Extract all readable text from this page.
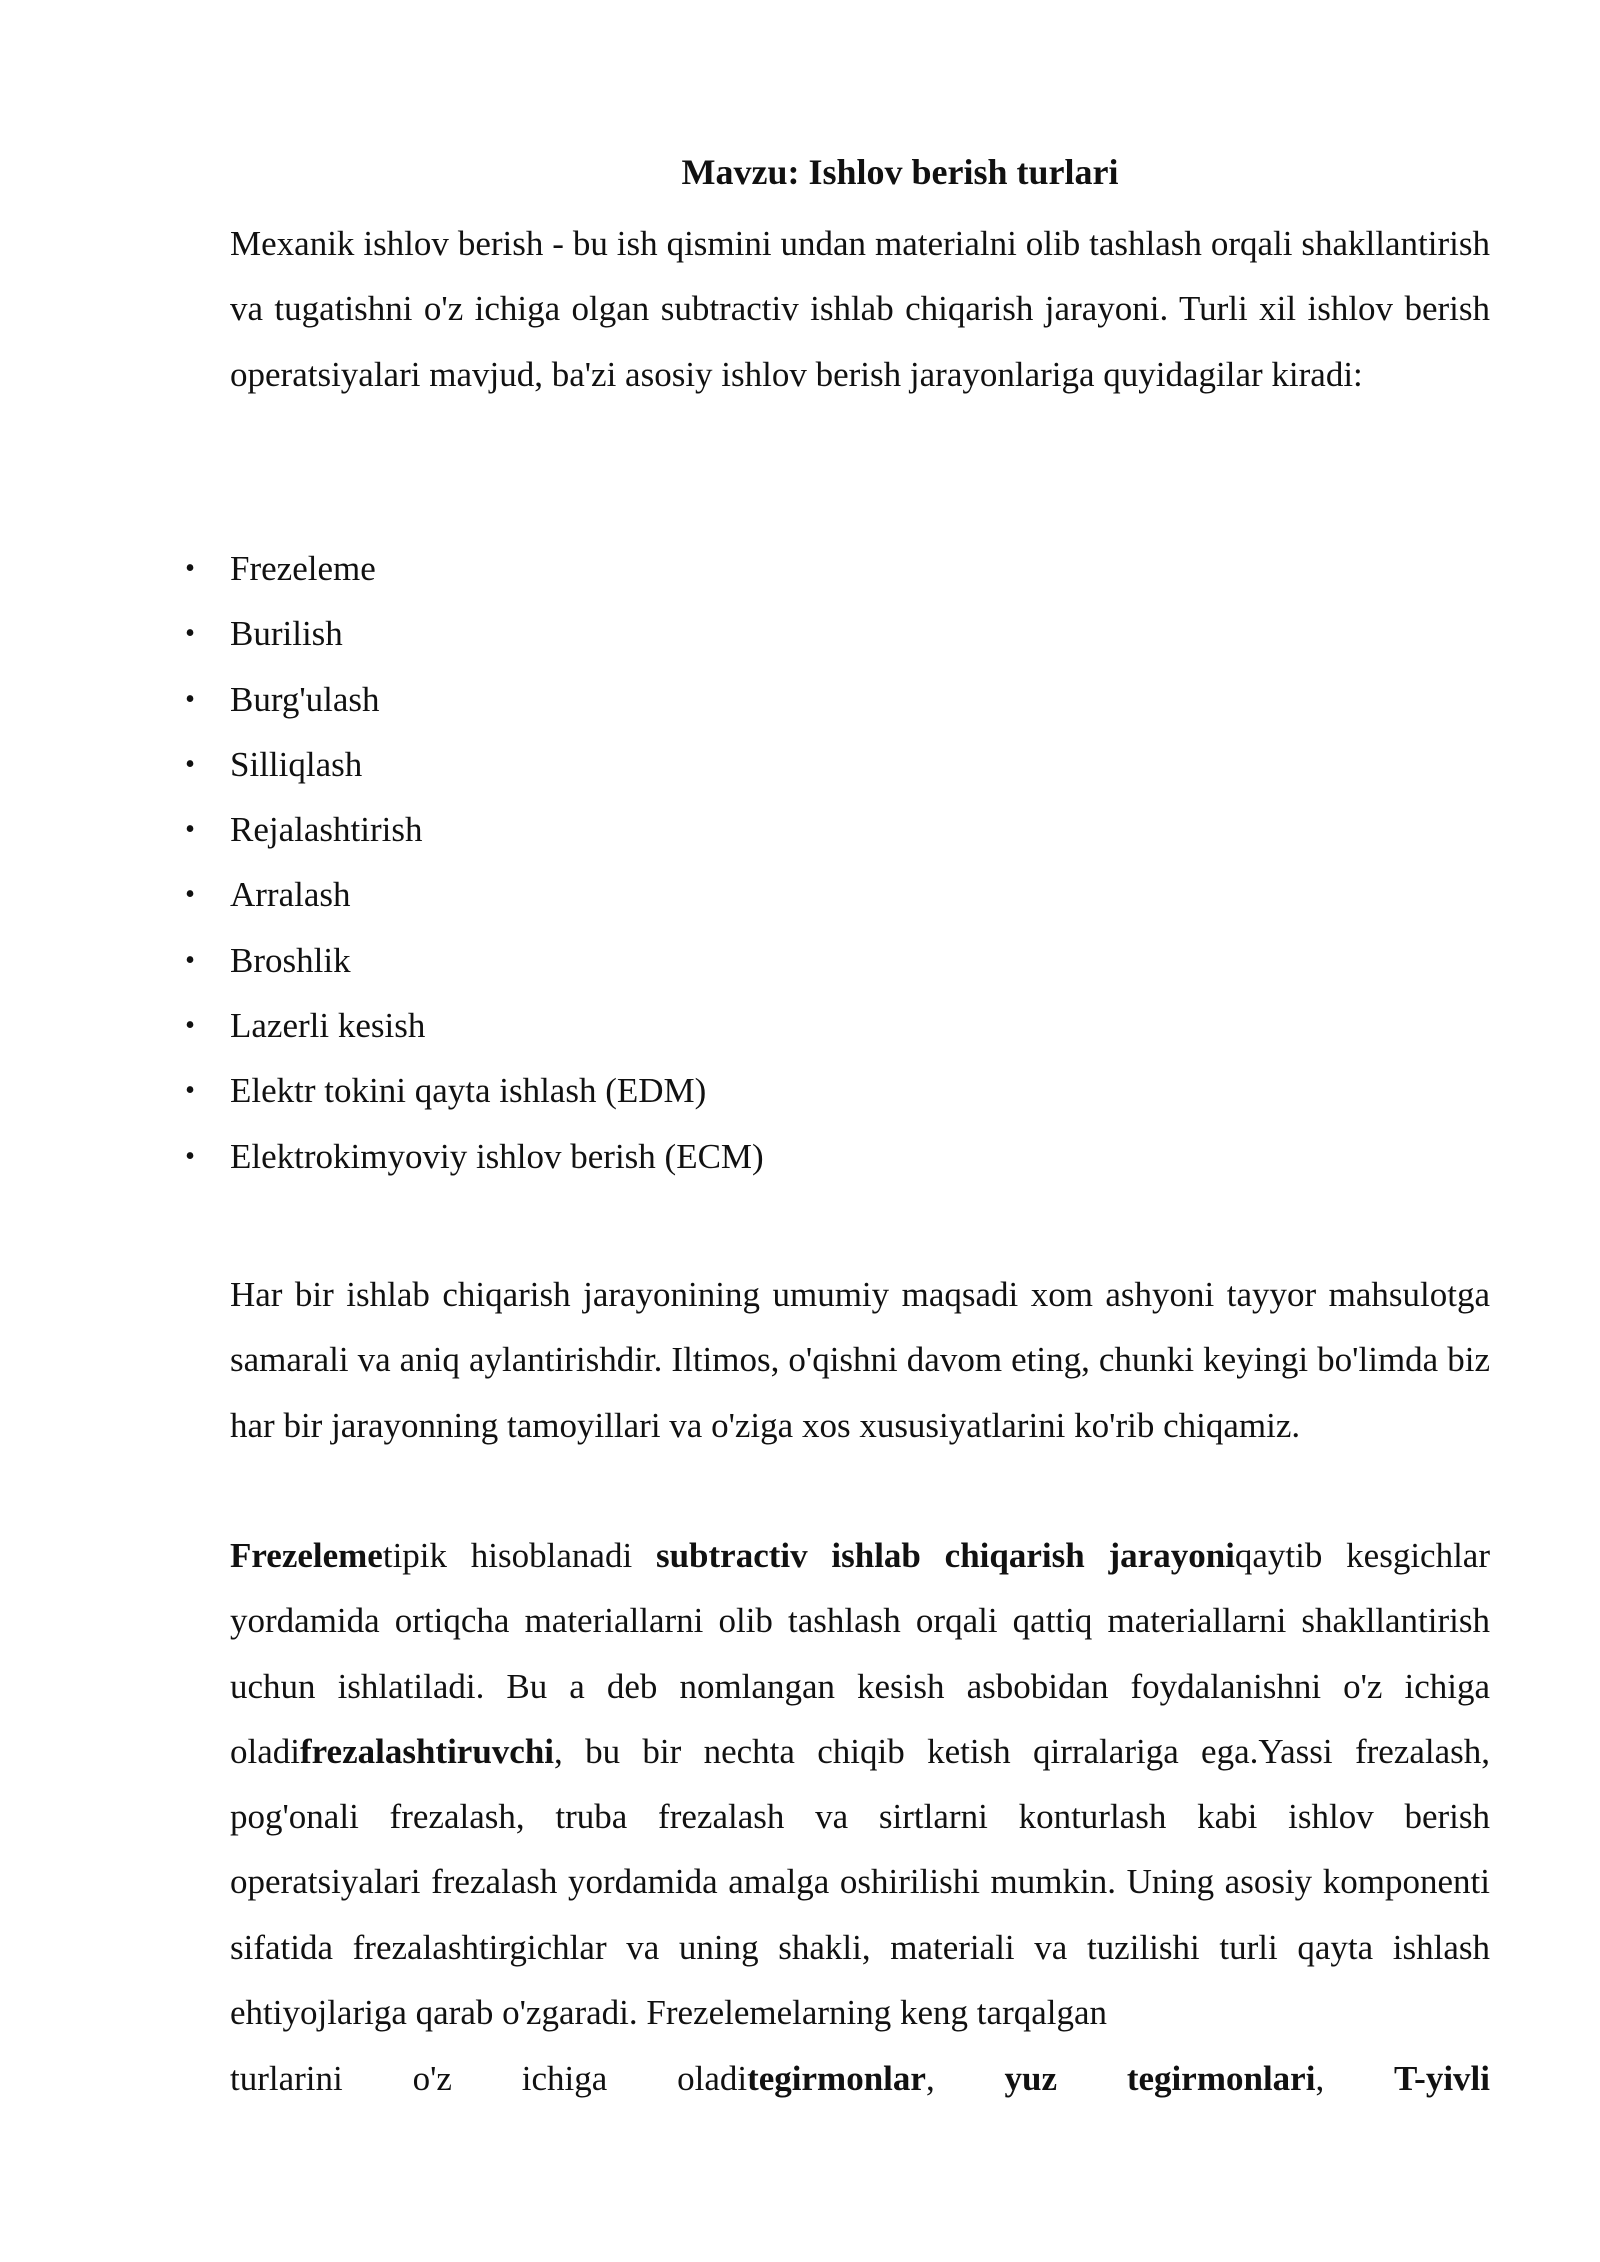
Mavzu: Ishlov berish turlari

Mexanik ishlov berish - bu ish qismini undan materialni olib tashlash orqali shakllantirish va tugatishni o'z ichiga olgan subtractiv ishlab chiqarish jarayoni. Turli xil ishlov berish operatsiyalari mavjud, ba'zi asosiy ishlov berish jarayonlariga quyidagilar kiradi:

• Frezeleme
• Burilish
• Burg'ulash
• Silliqlash
• Rejalashtirish
• Arralash
• Broshlik
• Lazerli kesish
• Elektr tokini qayta ishlash (EDM)
• Elektrokimyoviy ishlov berish (ECM)

Har bir ishlab chiqarish jarayonining umumiy maqsadi xom ashyoni tayyor mahsulotga samarali va aniq aylantirishdir. Iltimos, o'qishni davom eting, chunki keyingi bo'limda biz har bir jarayonning tamoyillari va o'ziga xos xususiyatlarini ko'rib chiqamiz.

Frezelemetipik hisoblanadi subtractiv ishlab chiqarish jarayoniqaytib kesgichlar yordamida ortiqcha materiallarni olib tashlash orqali qattiq materiallarni shakllantirish uchun ishlatiladi. Bu a deb nomlangan kesish asbobidan foydalanishni o'z ichiga oladifrezalashtiruvchi, bu bir nechta chiqib ketish qirralariga ega.Yassi frezalash, pog'onali frezalash, truba frezalash va sirtlarni konturlash kabi ishlov berish operatsiyalari frezalash yordamida amalga oshirilishi mumkin. Uning asosiy komponenti sifatida frezalashtirgichlar va uning shakli, materiali va tuzilishi turli qayta ishlash ehtiyojlariga qarab o'zgaradi. Frezelemelarning keng tarqalgan

turlarini o'z ichiga oladitegirmonlar, yuz tegirmonlari, T-yivli
